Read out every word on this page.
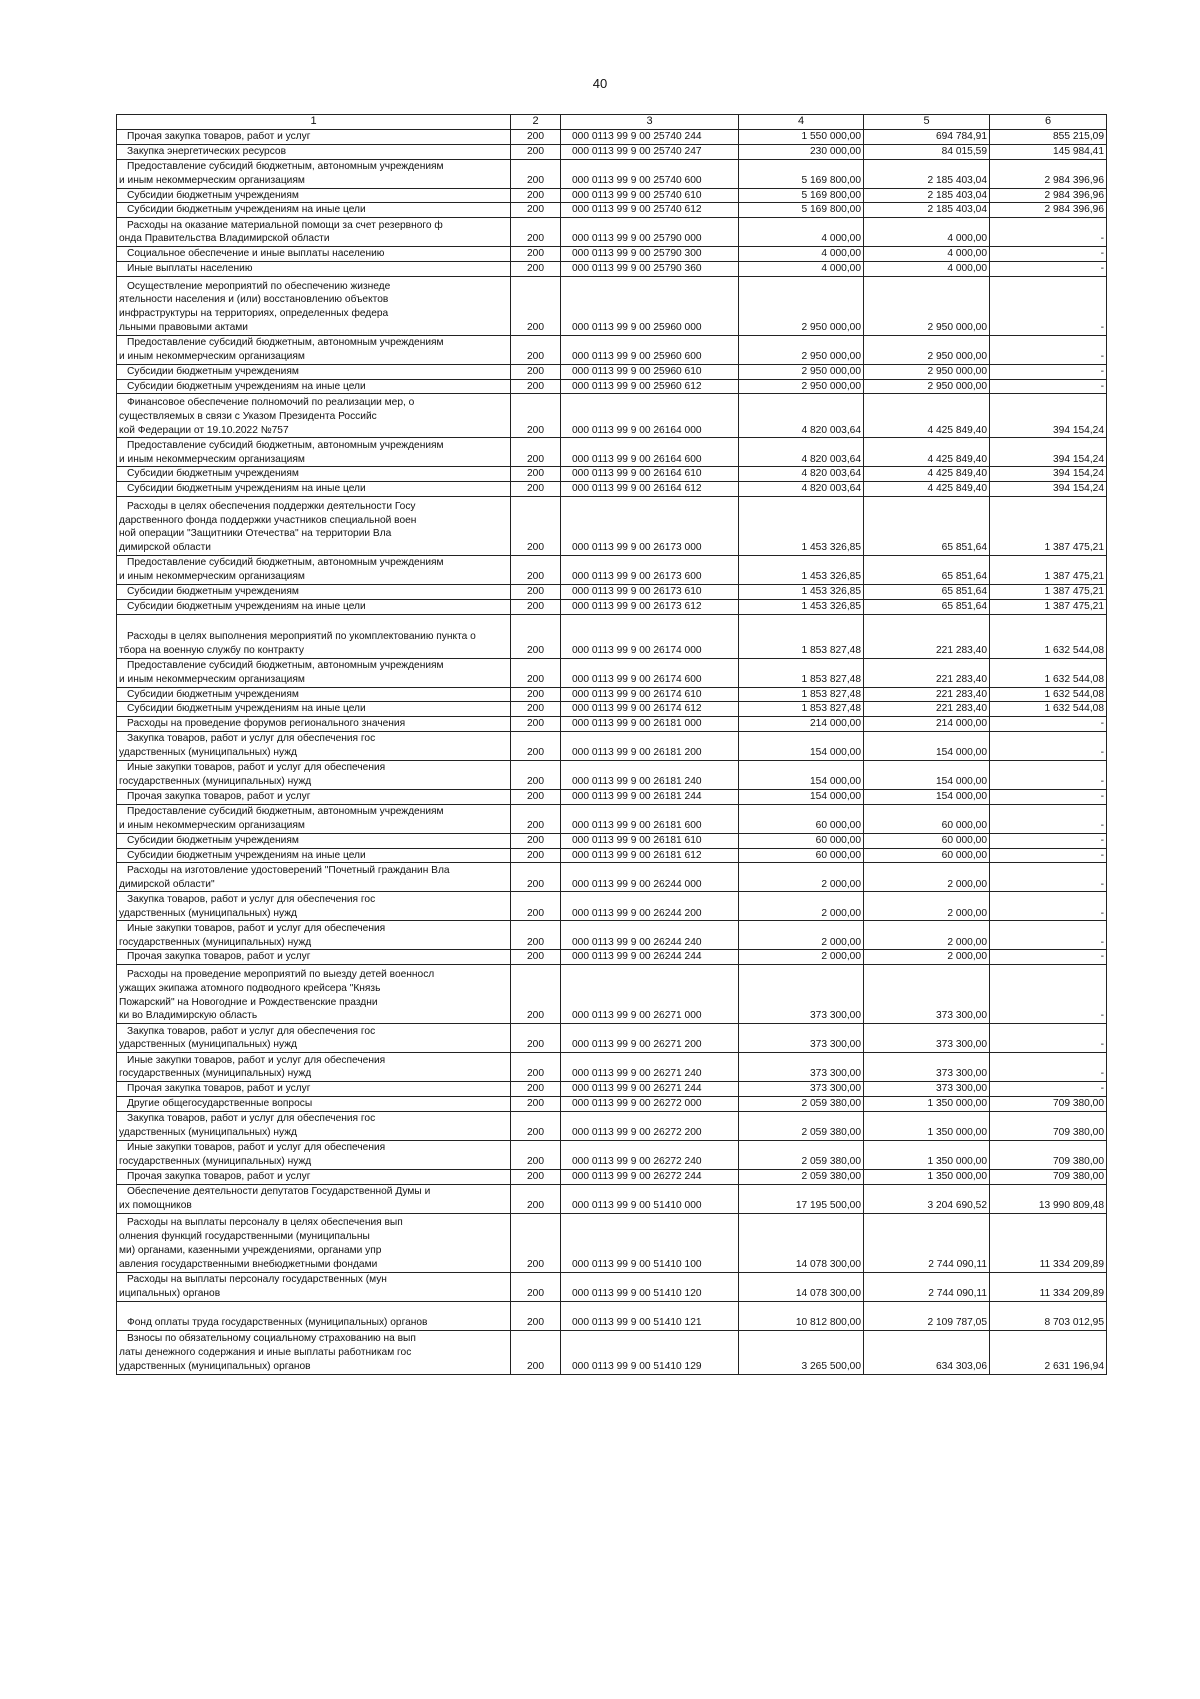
40
1	2	3	4	5	6

Прочая закупка товаров, работ и услуг	200	000 0113 99 9 00 25740 244	1 550 000,00	694 784,91	855 215,09

Закупка энергетических ресурсов	200	000 0113 99 9 00 25740 247	230 000,00	84 015,59	145 984,41

Предоставление субсидий бюджетным, автономным учреждениям
и иным некоммерческим организациям	200	000 0113 99 9 00 25740 600	5 169 800,00	2 185 403,04	2 984 396,96

Субсидии бюджетным учреждениям	200	000 0113 99 9 00 25740 610	5 169 800,00	2 185 403,04	2 984 396,96

Субсидии бюджетным учреждениям на иные цели	200	000 0113 99 9 00 25740 612	5 169 800,00	2 185 403,04	2 984 396,96

Расходы на оказание материальной помощи за счет резервного ф
онда Правительства Владимирской области	200	000 0113 99 9 00 25790 000	4 000,00	4 000,00	-

Социальное обеспечение и иные выплаты населению	200	000 0113 99 9 00 25790 300	4 000,00	4 000,00	-

Иные выплаты населению	200	000 0113 99 9 00 25790 360	4 000,00	4 000,00	-

Осуществление мероприятий по обеспечению жизнеде
ятельности населения и (или) восстановлению объектов
инфраструктуры на территориях, определенных федера
льными правовыми актами	200	000 0113 99 9 00 25960 000	2 950 000,00	2 950 000,00	-

Предоставление субсидий бюджетным, автономным учреждениям
и иным некоммерческим организациям	200	000 0113 99 9 00 25960 600	2 950 000,00	2 950 000,00	-

Субсидии бюджетным учреждениям	200	000 0113 99 9 00 25960 610	2 950 000,00	2 950 000,00	-

Субсидии бюджетным учреждениям на иные цели	200	000 0113 99 9 00 25960 612	2 950 000,00	2 950 000,00	-

Финансовое обеспечение полномочий по реализации мер, о
существляемых в связи с Указом Президента Российс
кой Федерации от 19.10.2022 №757	200	000 0113 99 9 00 26164 000	4 820 003,64	4 425 849,40	394 154,24

Предоставление субсидий бюджетным, автономным учреждениям
и иным некоммерческим организациям	200	000 0113 99 9 00 26164 600	4 820 003,64	4 425 849,40	394 154,24

Субсидии бюджетным учреждениям	200	000 0113 99 9 00 26164 610	4 820 003,64	4 425 849,40	394 154,24

Субсидии бюджетным учреждениям на иные цели	200	000 0113 99 9 00 26164 612	4 820 003,64	4 425 849,40	394 154,24

Расходы в целях обеспечения поддержки деятельности Госу
дарственного фонда поддержки участников специальной воен
ной операции "Защитники Отечества" на территории Вла
димирской области	200	000 0113 99 9 00 26173 000	1 453 326,85	65 851,64	1 387 475,21

Предоставление субсидий бюджетным, автономным учреждениям
и иным некоммерческим организациям	200	000 0113 99 9 00 26173 600	1 453 326,85	65 851,64	1 387 475,21

Субсидии бюджетным учреждениям	200	000 0113 99 9 00 26173 610	1 453 326,85	65 851,64	1 387 475,21

Субсидии бюджетным учреждениям на иные цели	200	000 0113 99 9 00 26173 612	1 453 326,85	65 851,64	1 387 475,21

Расходы в целях выполнения мероприятий по укомплектованию пункта о
тбора на военную службу по контракту	200	000 0113 99 9 00 26174 000	1 853 827,48	221 283,40	1 632 544,08

Предоставление субсидий бюджетным, автономным учреждениям
и иным некоммерческим организациям	200	000 0113 99 9 00 26174 600	1 853 827,48	221 283,40	1 632 544,08

Субсидии бюджетным учреждениям	200	000 0113 99 9 00 26174 610	1 853 827,48	221 283,40	1 632 544,08

Субсидии бюджетным учреждениям на иные цели	200	000 0113 99 9 00 26174 612	1 853 827,48	221 283,40	1 632 544,08

Расходы на проведение форумов регионального значения	200	000 0113 99 9 00 26181 000	214 000,00	214 000,00	-

Закупка товаров, работ и услуг для обеспечения гос
ударственных (муниципальных) нужд	200	000 0113 99 9 00 26181 200	154 000,00	154 000,00	-

Иные закупки товаров, работ и услуг для обеспечения
государственных (муниципальных) нужд	200	000 0113 99 9 00 26181 240	154 000,00	154 000,00	-

Прочая закупка товаров, работ и услуг	200	000 0113 99 9 00 26181 244	154 000,00	154 000,00	-

Предоставление субсидий бюджетным, автономным учреждениям
и иным некоммерческим организациям	200	000 0113 99 9 00 26181 600	60 000,00	60 000,00	-

Субсидии бюджетным учреждениям	200	000 0113 99 9 00 26181 610	60 000,00	60 000,00	-

Субсидии бюджетным учреждениям на иные цели	200	000 0113 99 9 00 26181 612	60 000,00	60 000,00	-

Расходы на изготовление удостоверений "Почетный гражданин Вла
димирской области"	200	000 0113 99 9 00 26244 000	2 000,00	2 000,00	-

Закупка товаров, работ и услуг для обеспечения гос
ударственных (муниципальных) нужд	200	000 0113 99 9 00 26244 200	2 000,00	2 000,00	-

Иные закупки товаров, работ и услуг для обеспечения
государственных (муниципальных) нужд	200	000 0113 99 9 00 26244 240	2 000,00	2 000,00	-

Прочая закупка товаров, работ и услуг	200	000 0113 99 9 00 26244 244	2 000,00	2 000,00	-

Расходы на проведение мероприятий по выезду детей военносл
ужащих экипажа атомного подводного крейсера "Князь
Пожарский" на Новогодние и Рождественские праздни
ки во Владимирскую область	200	000 0113 99 9 00 26271 000	373 300,00	373 300,00	-

Закупка товаров, работ и услуг для обеспечения гос
ударственных (муниципальных) нужд	200	000 0113 99 9 00 26271 200	373 300,00	373 300,00	-

Иные закупки товаров, работ и услуг для обеспечения
государственных (муниципальных) нужд	200	000 0113 99 9 00 26271 240	373 300,00	373 300,00	-

Прочая закупка товаров, работ и услуг	200	000 0113 99 9 00 26271 244	373 300,00	373 300,00	-

Другие общегосударственные вопросы	200	000 0113 99 9 00 26272 000	2 059 380,00	1 350 000,00	709 380,00

Закупка товаров, работ и услуг для обеспечения гос
ударственных (муниципальных) нужд	200	000 0113 99 9 00 26272 200	2 059 380,00	1 350 000,00	709 380,00

Иные закупки товаров, работ и услуг для обеспечения
государственных (муниципальных) нужд	200	000 0113 99 9 00 26272 240	2 059 380,00	1 350 000,00	709 380,00

Прочая закупка товаров, работ и услуг	200	000 0113 99 9 00 26272 244	2 059 380,00	1 350 000,00	709 380,00

Обеспечение деятельности депутатов Государственной Думы и
их помощников	200	000 0113 99 9 00 51410 000	17 195 500,00	3 204 690,52	13 990 809,48

Расходы на выплаты персоналу в целях обеспечения вып
олнения функций государственными (муниципальны
ми) органами, казенными учреждениями, органами упр
авления государственными внебюджетными фондами	200	000 0113 99 9 00 51410 100	14 078 300,00	2 744 090,11	11 334 209,89

Расходы на выплаты персоналу государственных (мун
иципальных) органов	200	000 0113 99 9 00 51410 120	14 078 300,00	2 744 090,11	11 334 209,89

Фонд оплаты труда государственных (муниципальных) органов	200	000 0113 99 9 00 51410 121	10 812 800,00	2 109 787,05	8 703 012,95

Взносы по обязательному социальному страхованию на вып
латы денежного содержания и иные выплаты работникам гос
ударственных (муниципальных) органов	200	000 0113 99 9 00 51410 129	3 265 500,00	634 303,06	2 631 196,94
